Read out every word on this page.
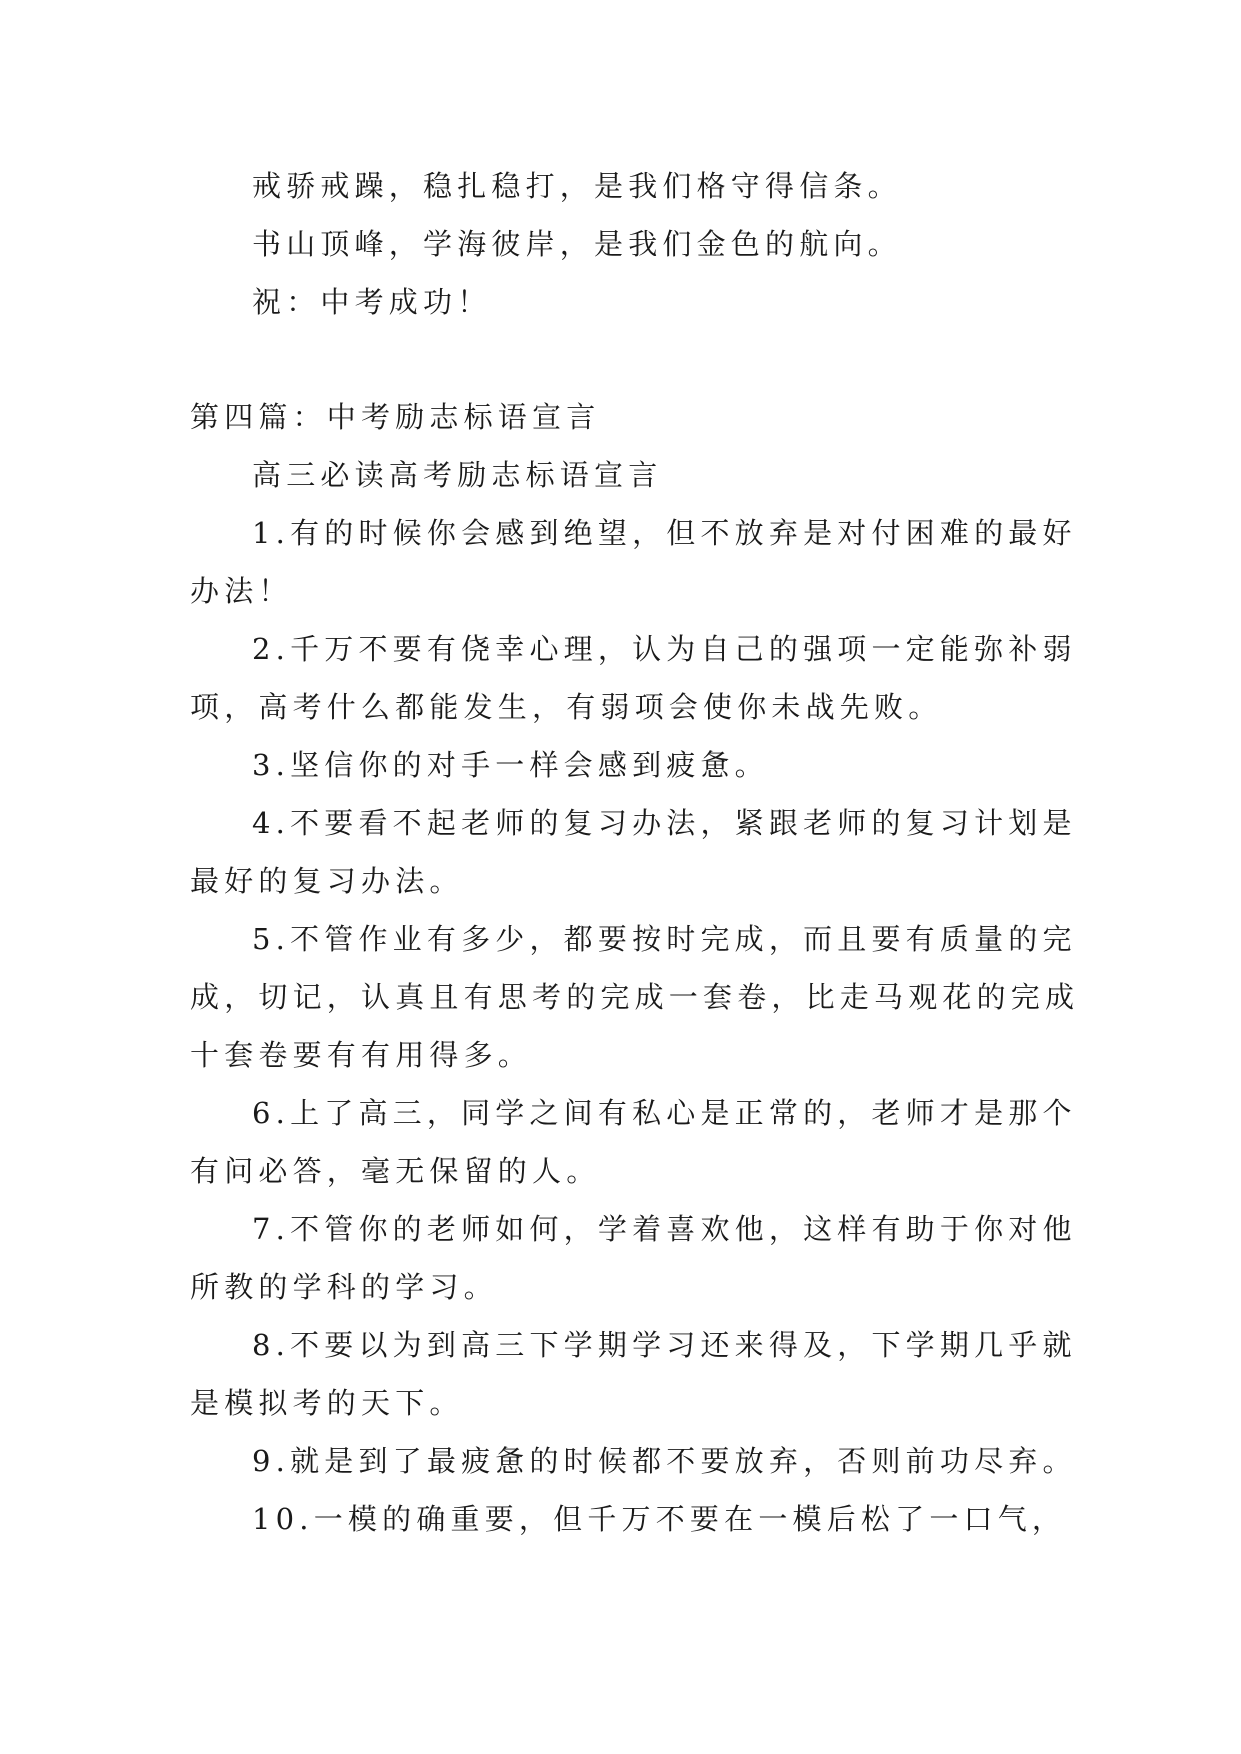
戒骄戒躁，稳扎稳打，是我们格守得信条。
书山顶峰，学海彼岸，是我们金色的航向。
祝：中考成功！
第四篇：中考励志标语宣言
高三必读高考励志标语宣言
1.有的时候你会感到绝望，但不放弃是对付困难的最好
办法！
2.千万不要有侥幸心理，认为自己的强项一定能弥补弱
项，高考什么都能发生，有弱项会使你未战先败。
3.坚信你的对手一样会感到疲惫。
4.不要看不起老师的复习办法，紧跟老师的复习计划是
最好的复习办法。
5.不管作业有多少，都要按时完成，而且要有质量的完
成，切记，认真且有思考的完成一套卷，比走马观花的完成
十套卷要有有用得多。
6.上了高三，同学之间有私心是正常的，老师才是那个
有问必答，毫无保留的人。
7.不管你的老师如何，学着喜欢他，这样有助于你对他
所教的学科的学习。
8.不要以为到高三下学期学习还来得及，下学期几乎就
是模拟考的天下。
9.就是到了最疲惫的时候都不要放弃，否则前功尽弃。
10.一模的确重要，但千万不要在一模后松了一口气，
